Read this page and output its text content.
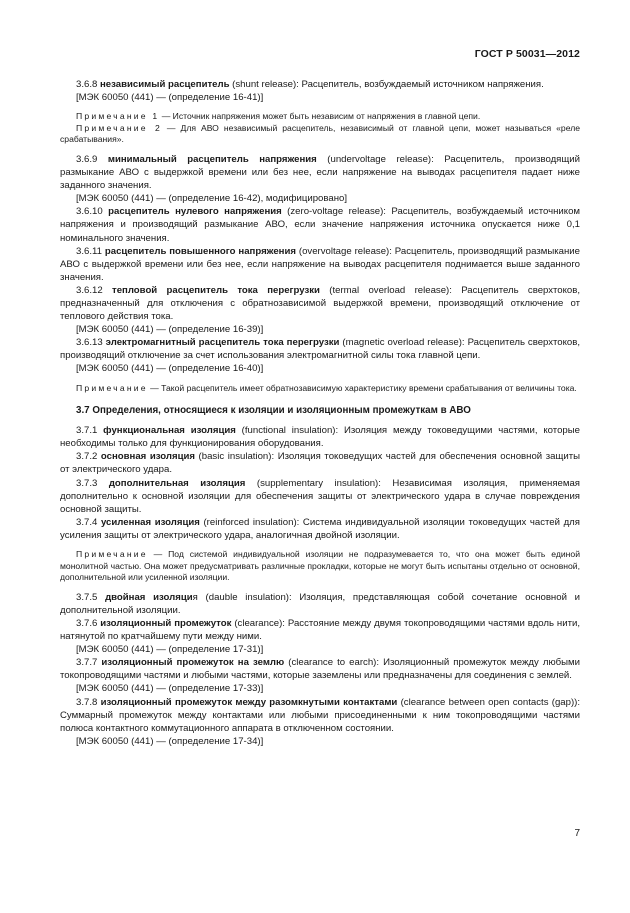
ГОСТ Р 50031—2012

3.6.8 независимый расцепитель (shunt release): Расцепитель, возбуждаемый источником напряжения.

[МЭК 60050 (441) — (определение 16-41)]

Примечание 1 — Источник напряжения может быть независим от напряжения в главной цепи.

Примечание 2 — Для АВО независимый расцепитель, независимый от главной цепи, может называться «реле срабатывания».

3.6.9 минимальный расцепитель напряжения (undervoltage release): Расцепитель, производящий размыкание АВО с выдержкой времени или без нее, если напряжение на выводах расцепителя падает ниже заданного значения.

[МЭК 60050 (441) — (определение 16-42), модифицировано]

3.6.10 расцепитель нулевого напряжения (zero-voltage release): Расцепитель, возбуждаемый источником напряжения и производящий размыкание АВО, если значение напряжения источника опускается ниже 0,1 номинального значения.

3.6.11 расцепитель повышенного напряжения (overvoltage release): Расцепитель, производящий размыкание АВО с выдержкой времени или без нее, если напряжение на выводах расцепителя поднимается выше заданного значения.

3.6.12 тепловой расцепитель тока перегрузки (termal overload release): Расцепитель сверхтоков, предназначенный для отключения с обратнозависимой выдержкой времени, производящий отключение от теплового действия тока.

[МЭК 60050 (441) — (определение 16-39)]

3.6.13 электромагнитный расцепитель тока перегрузки (magnetic overload release): Расцепитель сверхтоков, производящий отключение за счет использования электромагнитной силы тока главной цепи.

[МЭК 60050 (441) — (определение 16-40)]

Примечание — Такой расцепитель имеет обратнозависимую характеристику времени срабатывания от величины тока.

3.7 Определения, относящиеся к изоляции и изоляционным промежуткам в АВО

3.7.1 функциональная изоляция (functional insulation): Изоляция между токоведущими частями, которые необходимы только для функционирования оборудования.

3.7.2 основная изоляция (basic insulation): Изоляция токоведущих частей для обеспечения основной защиты от электрического удара.

3.7.3 дополнительная изоляция (supplementary insulation): Независимая изоляция, применяемая дополнительно к основной изоляции для обеспечения защиты от электрического удара в случае повреждения основной защиты.

3.7.4 усиленная изоляция (reinforced insulation): Система индивидуальной изоляции токоведущих частей для усиления защиты от электрического удара, аналогичная двойной изоляции.

Примечание — Под системой индивидуальной изоляции не подразумевается то, что она может быть единой монолитной частью. Она может предусматривать различные прокладки, которые не могут быть испытаны отдельно от основной, дополнительной или усиленной изоляции.

3.7.5 двойная изоляция (dauble insulation): Изоляция, представляющая собой сочетание основной и дополнительной изоляции.

3.7.6 изоляционный промежуток (clearance): Расстояние между двумя токопроводящими частями вдоль нити, натянутой по кратчайшему пути между ними.

[МЭК 60050 (441) — (определение 17-31)]

3.7.7 изоляционный промежуток на землю (clearance to earch): Изоляционный промежуток между любыми токопроводящими частями и любыми частями, которые заземлены или предназначены для соединения с землей.

[МЭК 60050 (441) — (определение 17-33)]

3.7.8 изоляционный промежуток между разомкнутыми контактами (clearance between open contacts (gap)): Суммарный промежуток между контактами или любыми присоединенными к ним токопроводящими частями полюса контактного коммутационного аппарата в отключенном состоянии.

[МЭК 60050 (441) — (определение 17-34)]

7
